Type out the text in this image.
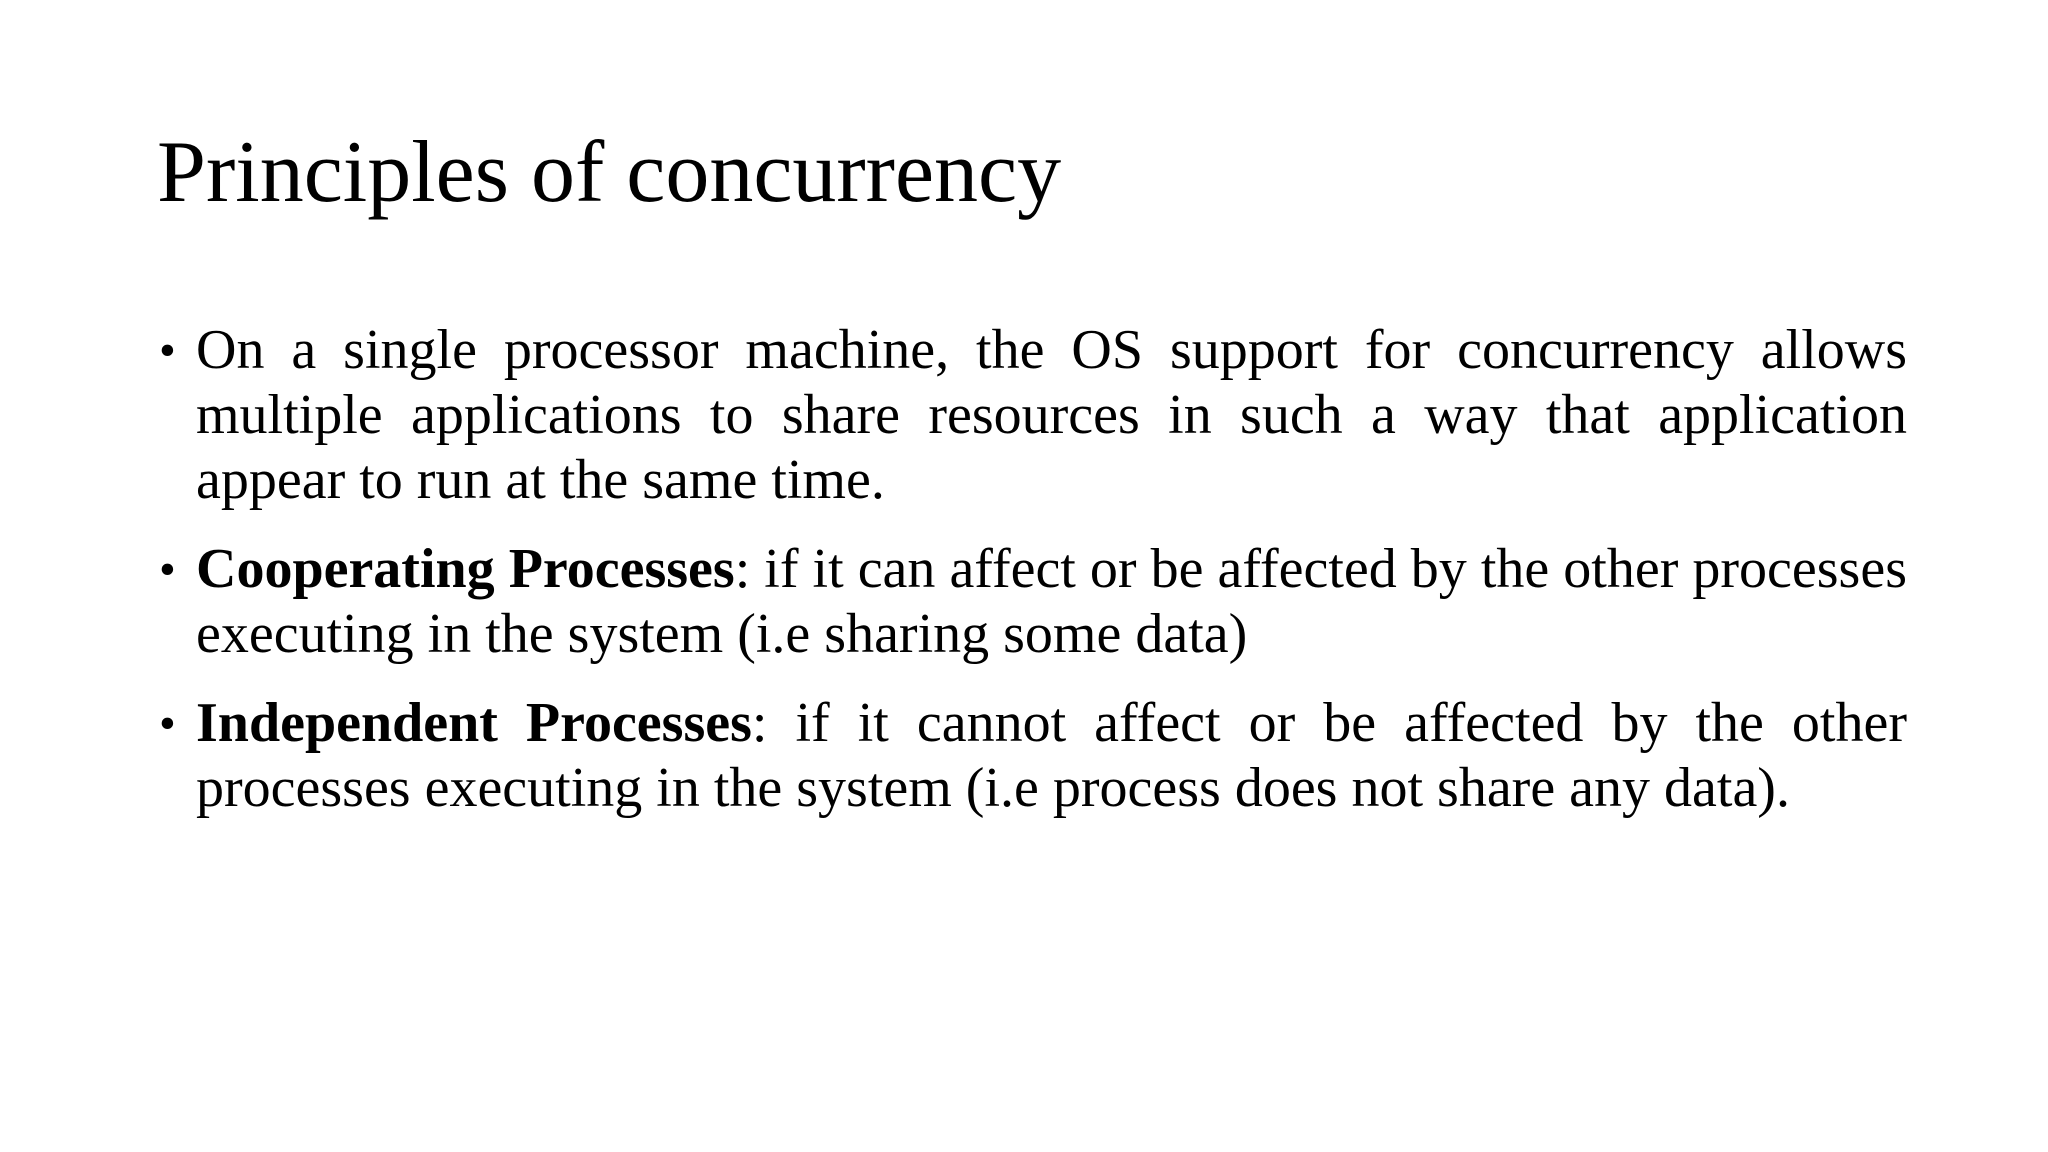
Principles of concurrency
• On a single processor machine, the OS support for concurrency allows multiple applications to share resources in such a way that application appear to run at the same time.
• Cooperating Processes: if it can affect or be affected by the other processes executing in the system (i.e sharing some data)
• Independent Processes: if it cannot affect or be affected by the other processes executing in the system (i.e process does not share any data).
